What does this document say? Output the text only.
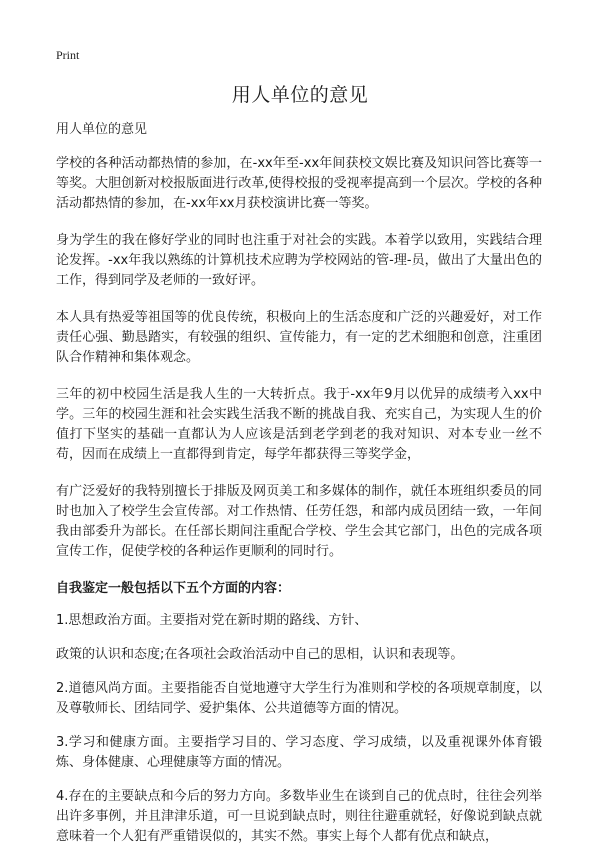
Print
用人单位的意见

用人单位的意见

学校的各种活动都热情的参加，在-xx年至-xx年间获校文娱比赛及知识问答比赛等一等奖。大胆创新对校报版面进行改革,使得校报的受视率提高到一个层次。学校的各种活动都热情的参加，在-xx年xx月获校演讲比赛一等奖。

身为学生的我在修好学业的同时也注重于对社会的实践。本着学以致用，实践结合理论发挥。-xx年我以熟练的计算机技术应聘为学校网站的管-理-员，做出了大量出色的工作，得到同学及老师的一致好评。

本人具有热爱等祖国等的优良传统，积极向上的生活态度和广泛的兴趣爱好，对工作责任心强、勤恳踏实，有较强的组织、宣传能力，有一定的艺术细胞和创意，注重团队合作精神和集体观念。

三年的初中校园生活是我人生的一大转折点。我于-xx年9月以优异的成绩考入xx中学。三年的校园生涯和社会实践生活我不断的挑战自我、充实自己，为实现人生的价值打下坚实的基础一直都认为人应该是活到老学到老的我对知识、对本专业一丝不苟，因而在成绩上一直都得到肯定，每学年都获得三等奖学金，

有广泛爱好的我特别擅长于排版及网页美工和多媒体的制作，就任本班组织委员的同时也加入了校学生会宣传部。对工作热情、任劳任怨，和部内成员团结一致，一年间我由部委升为部长。在任部长期间注重配合学校、学生会其它部门，出色的完成各项宣传工作，促使学校的各种运作更顺利的同时行。

自我鉴定一般包括以下五个方面的内容：

1.思想政治方面。主要指对党在新时期的路线、方针、

政策的认识和态度;在各项社会政治活动中自己的思相，认识和表现等。

2.道德风尚方面。主要指能否自觉地遵守大学生行为准则和学校的各项规章制度，以及尊敬师长、团结同学、爱护集体、公共道德等方面的情况。

3.学习和健康方面。主要指学习目的、学习态度、学习成绩，以及重视课外体育锻炼、身体健康、心理健康等方面的情况。

4.存在的主要缺点和今后的努力方向。多数毕业生在谈到自己的优点时，往往会列举出许多事例，并且津津乐道，可一旦说到缺点时，则往往避重就轻，好像说到缺点就意味着一个人犯有严重错误似的，其实不然。事实上每个人都有优点和缺点，
